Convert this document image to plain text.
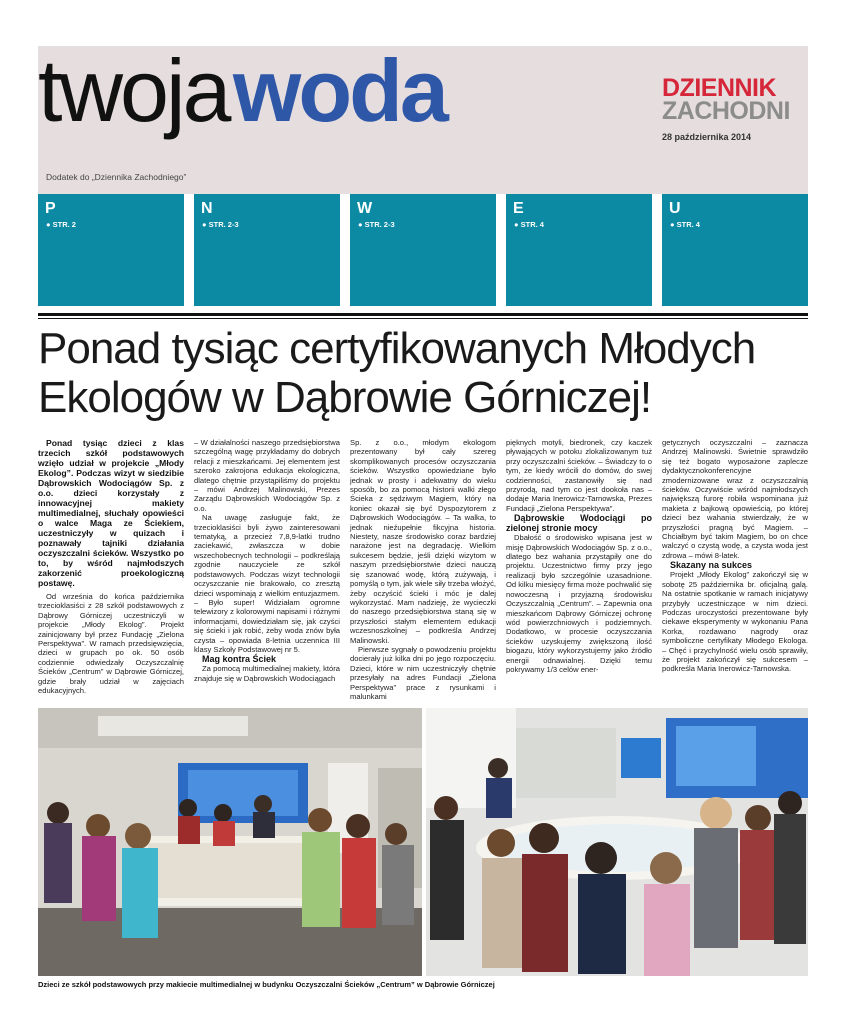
twoja woda	DZIENNIK
ZACHODNI
28 października 2014
Dodatek do „Dziennika Zachodniego”
P
● STR. 2
N
● STR. 2-3
W
● STR. 2-3
E
● STR. 4
U
● STR. 4
Ponad tysiąc certyfikowanych Młodych Ekologów w Dąbrowie Górniczej!

Ponad tysiąc dzieci z klas trzecich szkół podstawowych wzięło udział w projekcie „Młody Ekolog”. Podczas wizyt w siedzibie Dąbrowskich Wodociągów Sp. z o.o. dzieci korzystały z innowacyjnej makiety multimedialnej, słuchały opowieści o walce Maga ze Ściekiem, uczestniczyły w quizach i poznawały tajniki działania oczyszczalni ścieków. Wszystko po to, by wśród najmłodszych zakorzenić proekologiczną postawę.

Od września do końca października trzecioklasiści z 28 szkół podstawowych z Dąbrowy Górniczej uczestniczyli w projekcie „Młody Ekolog”. Projekt zainicjowany był przez Fundację „Zielona Perspektywa”. W ramach przedsięwzięcia, dzieci w grupach po ok. 50 osób codziennie odwiedzały Oczyszczalnię Ścieków „Centrum” w Dąbrowie Górniczej, gdzie brały udział w zajęciach edukacyjnych.

– W działalności naszego przedsiębiorstwa szczególną wagę przykładamy do dobrych relacji z mieszkańcami. Jej elementem jest szeroko zakrojona edukacja ekologiczna, dlatego chętnie przystąpiliśmy do projektu – mówi Andrzej Malinowski, Prezes Zarządu Dąbrowskich Wodociągów Sp. z o.o.

Na uwagę zasługuje fakt, że trzecioklasiści byli żywo zainteresowani tematyką, a przecież 7,8,9-latki trudno zaciekawić, zwłaszcza w dobie wszechobecnych technologii – podkreślają zgodnie nauczyciele ze szkół podstawowych. Podczas wizyt technologii oczyszczanie nie brakowało, co zresztą dzieci wspominają z wielkim entuzjazmem. – Było super! Widziałam ogromne telewizory z kolorowymi napisami i różnymi informacjami, dowiedziałam się, jak czyści się ścieki i jak robić, żeby woda znów była czysta – opowiada 8-letnia uczennica III klasy Szkoły Podstawowej nr 5.

Mag kontra Ściek

Za pomocą multimedialnej makiety, która znajduje się w Dąbrowskich Wodociągach

Sp. z o.o., młodym ekologom prezentowany był cały szereg skomplikowanych procesów oczyszczania ścieków. Wszystko opowiedziane było jednak w prosty i adekwatny do wieku sposób, bo za pomocą historii walki złego Ścieka z sędziwym Magiem, który na koniec okazał się być Dyspozytorem z Dąbrowskich Wodociągów. – Ta walka, to jednak nieźupełnie fikcyjna historia. Niestety, nasze środowisko coraz bardziej narażone jest na degradację. Wielkim sukcesem będzie, jeśli dzięki wizytom w naszym przedsiębiorstwie dzieci nauczą się szanować wodę, którą zużywają, i pomyślą o tym, jak wiele siły trzeba włożyć, żeby oczyścić ścieki i móc je dalej wykorzystać. Mam nadzieję, że wycieczki do naszego przedsiębiorstwa staną się w przyszłości stałym elementem edukacji wczesnoszkolnej – podkreśla Andrzej Malinowski.

Pierwsze sygnały o powodzeniu projektu docierały już kilka dni po jego rozpoczęciu. Dzieci, które w nim uczestniczyły chętnie przesyłały na adres Fundacji „Zielona Perspektywa” prace z rysunkami i malunkami

pięknych motyli, biedronek, czy kaczek pływających w potoku zlokalizowanym tuż przy oczyszczalni ścieków. – Świadczy to o tym, że kiedy wrócili do domów, do swej codzienności, zastanowiły się nad przyrodą, nad tym co jest dookoła nas – dodaje Maria Inerowicz-Tarnowska, Prezes Fundacji „Zielona Perspektywa”.

Dąbrowskie Wodociągi po zielonej stronie mocy

Dbałość o środowisko wpisana jest w misję Dąbrowskich Wodociągów Sp. z o.o., dlatego bez wahania przystąpiły one do projektu. Uczestnictwo firmy przy jego realizacji było szczególnie uzasadnione. Od kilku miesięcy firma może pochwalić się nowoczesną i przyjazną środowisku Oczyszczalnią „Centrum”. – Zapewnia ona mieszkańcom Dąbrowy Górniczej ochronę wód powierzchniowych i podziemnych. Dodatkowo, w procesie oczyszczania ścieków uzyskujemy zwiększoną ilość biogazu, który wykorzystujemy jako źródło energii odnawialnej. Dzięki temu pokrywamy 1/3 celów ener-

getycznych oczyszczalni – zaznacza Andrzej Malinowski. Świetnie sprawdziło się też bogato wyposażone zaplecze dydaktycznokonferencyjne zmodernizowane wraz z oczyszczalnią ścieków. Oczywiście wśród najmłodszych największą furorę robiła wspominana już makieta z bajkową opowieścią, po której dzieci bez wahania stwierdzały, że w przyszłości pragną być Magiem. – Chciałbym być takim Magiem, bo on chce walczyć o czystą wodę, a czysta woda jest zdrowa – mówi 8-latek.

Skazany na sukces

Projekt „Młody Ekolog” zakończył się w sobotę 25 października br. oficjalną galą. Na ostatnie spotkanie w ramach inicjatywy przybyły uczestniczące w nim dzieci. Podczas uroczystości prezentowane były ciekawe eksperymenty w wykonaniu Pana Korka, rozdawano nagrody oraz symboliczne certyfikaty Młodego Ekologa. – Chęć i przychylność wielu osób sprawiły, że projekt zakończył się sukcesem – podkreśla Maria Inerowicz-Tarnowska.

Dzieci ze szkół podstawowych przy makiecie multimedialnej w budynku Oczyszczalni Ścieków „Centrum” w Dąbrowie Górniczej
